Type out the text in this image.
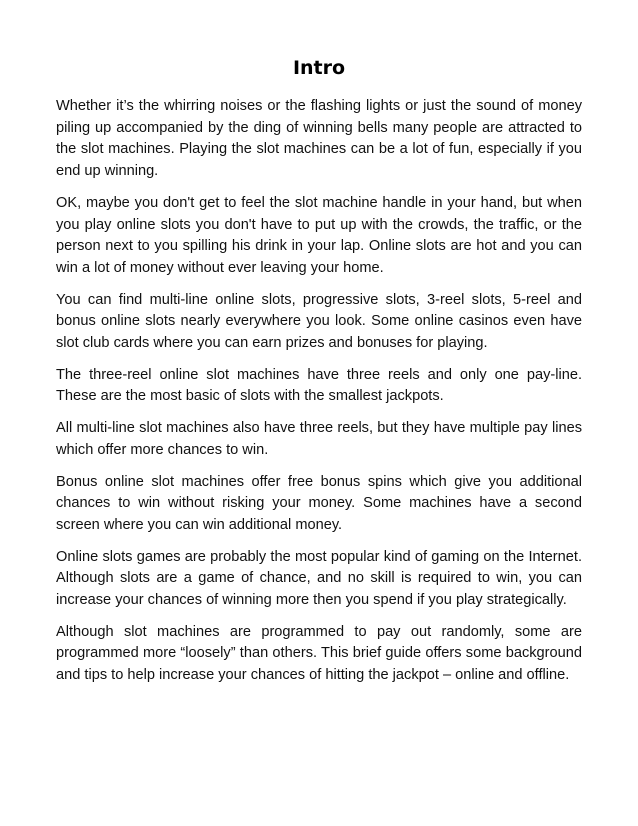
Intro

Whether it’s the whirring noises or the flashing lights or just the sound of money piling up accompanied by the ding of winning bells many people are attracted to the slot machines. Playing the slot machines can be a lot of fun, especially if you end up winning.

OK, maybe you don't get to feel the slot machine handle in your hand, but when you play online slots you don't have to put up with the crowds, the traffic, or the person next to you spilling his drink in your lap. Online slots are hot and you can win a lot of money without ever leaving your home.

You can find multi-line online slots, progressive slots, 3-reel slots, 5-reel and bonus online slots nearly everywhere you look. Some online casinos even have slot club cards where you can earn prizes and bonuses for playing.

The three-reel online slot machines have three reels and only one pay-line. These are the most basic of slots with the smallest jackpots.

All multi-line slot machines also have three reels, but they have multiple pay lines which offer more chances to win.

Bonus online slot machines offer free bonus spins which give you additional chances to win without risking your money. Some machines have a second screen where you can win additional money.

Online slots games are probably the most popular kind of gaming on the Internet. Although slots are a game of chance, and no skill is required to win, you can increase your chances of winning more then you spend if you play strategically.

Although slot machines are programmed to pay out randomly, some are programmed more “loosely” than others. This brief guide offers some background and tips to help increase your chances of hitting the jackpot – online and offline.
